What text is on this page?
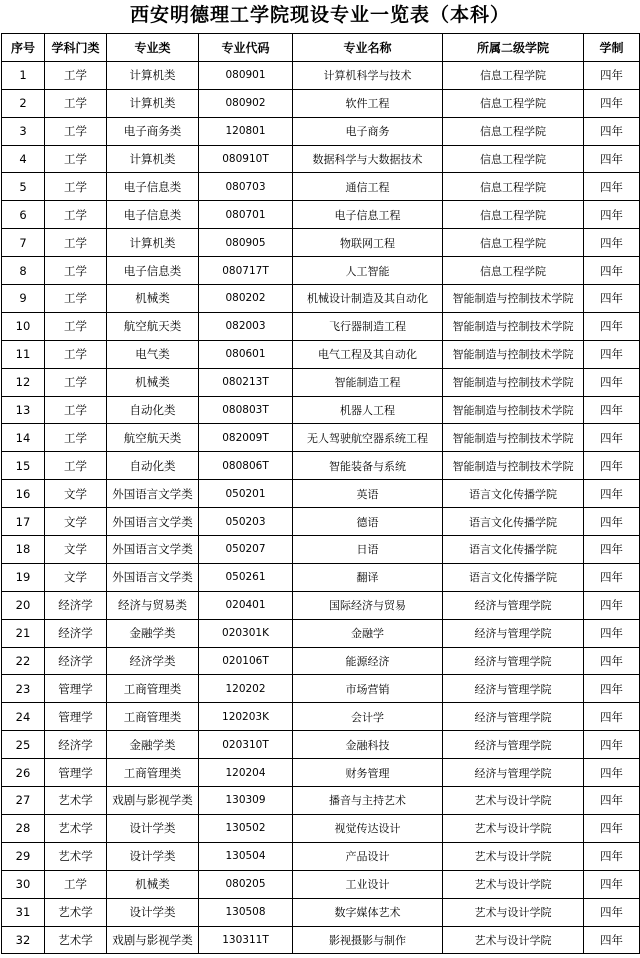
西安明德理工学院现设专业一览表（本科）
序号	学科门类	专业类	专业代码	专业名称	所属二级学院	学制
1	工学	计算机类	080901	计算机科学与技术	信息工程学院	四年
2	工学	计算机类	080902	软件工程	信息工程学院	四年
3	工学	电子商务类	120801	电子商务	信息工程学院	四年
4	工学	计算机类	080910T	数据科学与大数据技术	信息工程学院	四年
5	工学	电子信息类	080703	通信工程	信息工程学院	四年
6	工学	电子信息类	080701	电子信息工程	信息工程学院	四年
7	工学	计算机类	080905	物联网工程	信息工程学院	四年
8	工学	电子信息类	080717T	人工智能	信息工程学院	四年
9	工学	机械类	080202	机械设计制造及其自动化	智能制造与控制技术学院	四年
10	工学	航空航天类	082003	飞行器制造工程	智能制造与控制技术学院	四年
11	工学	电气类	080601	电气工程及其自动化	智能制造与控制技术学院	四年
12	工学	机械类	080213T	智能制造工程	智能制造与控制技术学院	四年
13	工学	自动化类	080803T	机器人工程	智能制造与控制技术学院	四年
14	工学	航空航天类	082009T	无人驾驶航空器系统工程	智能制造与控制技术学院	四年
15	工学	自动化类	080806T	智能装备与系统	智能制造与控制技术学院	四年
16	文学	外国语言文学类	050201	英语	语言文化传播学院	四年
17	文学	外国语言文学类	050203	德语	语言文化传播学院	四年
18	文学	外国语言文学类	050207	日语	语言文化传播学院	四年
19	文学	外国语言文学类	050261	翻译	语言文化传播学院	四年
20	经济学	经济与贸易类	020401	国际经济与贸易	经济与管理学院	四年
21	经济学	金融学类	020301K	金融学	经济与管理学院	四年
22	经济学	经济学类	020106T	能源经济	经济与管理学院	四年
23	管理学	工商管理类	120202	市场营销	经济与管理学院	四年
24	管理学	工商管理类	120203K	会计学	经济与管理学院	四年
25	经济学	金融学类	020310T	金融科技	经济与管理学院	四年
26	管理学	工商管理类	120204	财务管理	经济与管理学院	四年
27	艺术学	戏剧与影视学类	130309	播音与主持艺术	艺术与设计学院	四年
28	艺术学	设计学类	130502	视觉传达设计	艺术与设计学院	四年
29	艺术学	设计学类	130504	产品设计	艺术与设计学院	四年
30	工学	机械类	080205	工业设计	艺术与设计学院	四年
31	艺术学	设计学类	130508	数字媒体艺术	艺术与设计学院	四年
32	艺术学	戏剧与影视学类	130311T	影视摄影与制作	艺术与设计学院	四年
